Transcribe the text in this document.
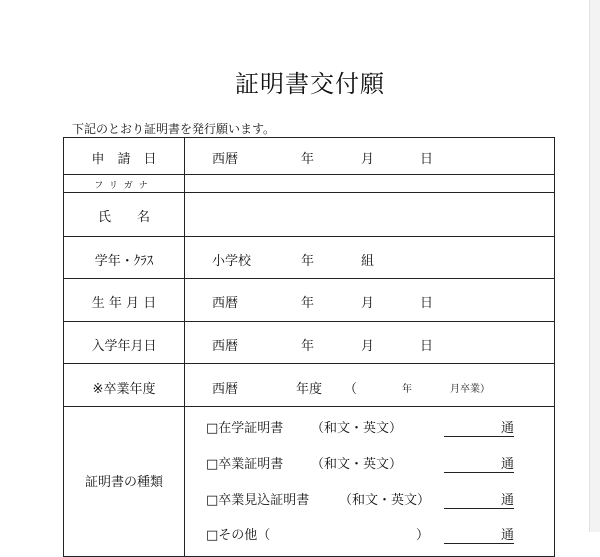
証明書交付願
下記のとおり証明書を発行願います。
申　請　日	西暦	年	月	日
フリガナ
氏　　名
学年・ｸﾗｽ	小学校	年	組
生 年 月 日	西暦	年	月	日
入学年月日	西暦	年	月	日
※卒業年度	西暦	年度 （	年	月卒業）
証明書の種類
□在学証明書 （和文・英文）	通
□卒業証明書 （和文・英文）	通
□卒業見込証明書 （和文・英文）	通
□その他（	）	通
